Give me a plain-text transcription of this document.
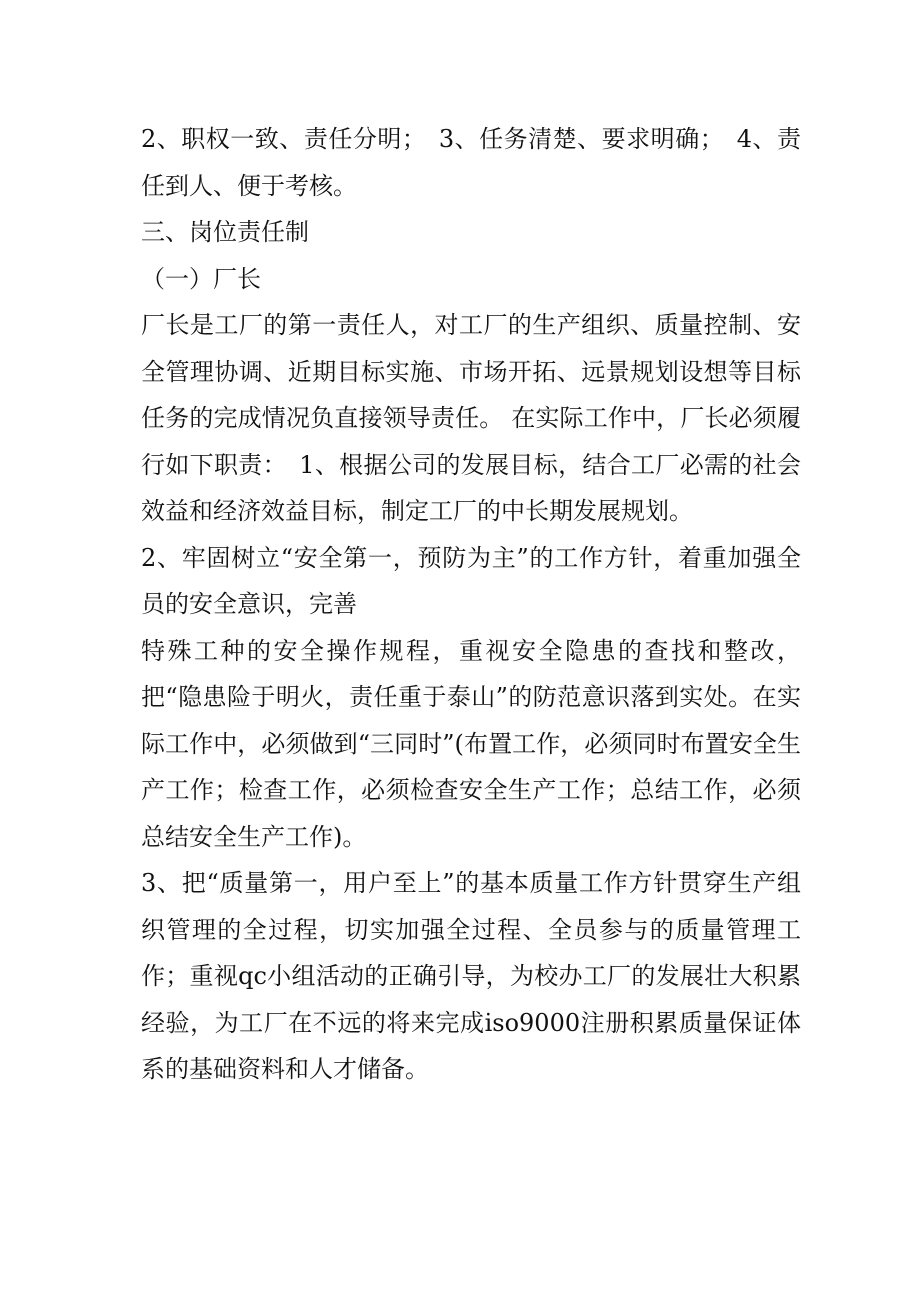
2、职权一致、责任分明；　3、任务清楚、要求明确；　4、责任到人、便于考核。

三、岗位责任制

（一）厂长

厂长是工厂的第一责任人，对工厂的生产组织、质量控制、安全管理协调、近期目标实施、市场开拓、远景规划设想等目标任务的完成情况负直接领导责任。 在实际工作中，厂长必须履行如下职责：　1、根据公司的发展目标，结合工厂必需的社会效益和经济效益目标，制定工厂的中长期发展规划。

2、牢固树立“安全第一，预防为主”的工作方针，着重加强全员的安全意识，完善

特殊工种的安全操作规程，重视安全隐患的查找和整改，把“隐患险于明火，责任重于泰山”的防范意识落到实处。在实际工作中，必须做到“三同时”(布置工作，必须同时布置安全生产工作；检查工作，必须检查安全生产工作；总结工作，必须总结安全生产工作)。

3、把“质量第一，用户至上”的基本质量工作方针贯穿生产组织管理的全过程，切实加强全过程、全员参与的质量管理工作；重视qc小组活动的正确引导，为校办工厂的发展壮大积累经验，为工厂在不远的将来完成iso9000注册积累质量保证体系的基础资料和人才储备。
